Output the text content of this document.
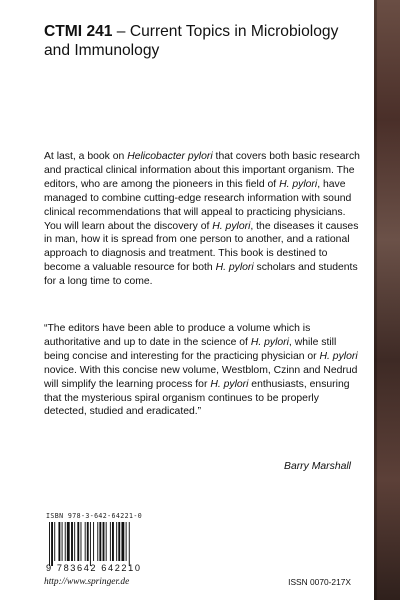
CTMI 241 – Current Topics in Microbiology and Immunology
At last, a book on Helicobacter pylori that covers both basic research and practical clinical information about this important organism. The editors, who are among the pioneers in this field of H. pylori, have managed to combine cutting-edge research information with sound clinical recommendations that will appeal to practicing physicians. You will learn about the discovery of H. pylori, the diseases it causes in man, how it is spread from one person to another, and a rational approach to diagnosis and treatment. This book is destined to become a valuable resource for both H. pylori scholars and students for a long time to come.
“The editors have been able to produce a volume which is authoritative and up to date in the science of H. pylori, while still being concise and interesting for the practicing physician or H. pylori novice. With this concise new volume, Westblom, Czinn and Nedrud will simplify the learning process for H. pylori enthusiasts, ensuring that the mysterious spiral organism continues to be properly detected, studied and eradicated.”
Barry Marshall
ISBN 978-3-642-64221-0
9 783642 642210
http://www.springer.de	ISSN 0070-217X
